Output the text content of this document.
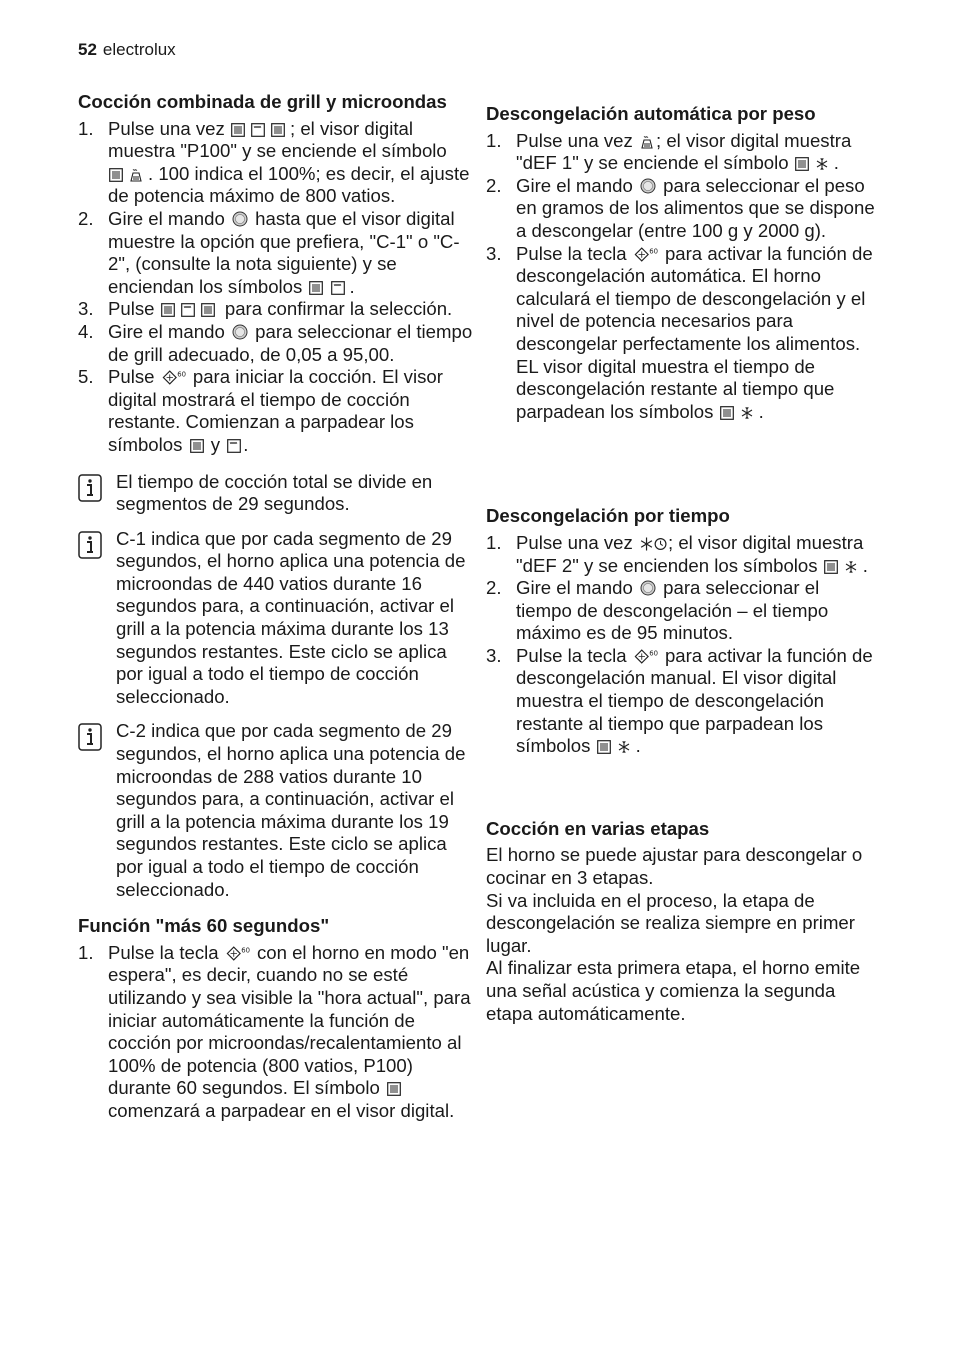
52 electrolux
Cocción combinada de grill y microondas
1. Pulse una vez	; el visor digital muestra "P100" y se enciende el símbolo
. 100 indica el 100%; es decir, el ajuste de potencia máximo de 800 vatios.
2. Gire el mando hasta que el visor digital muestre la opción que prefiera, "C-1" o "C-2", (consulte la nota siguiente) y se enciendan los símbolos	.
3. Pulse	para confirmar la selección.
4. Gire el mando para seleccionar el tiempo de grill adecuado, de 0,05 a 95,00.
5. Pulse para iniciar la cocción. El visor digital mostrará el tiempo de cocción restante. Comienzan a parpadear los símbolos y .
El tiempo de cocción total se divide en segmentos de 29 segundos.
C-1 indica que por cada segmento de 29 segundos, el horno aplica una potencia de microondas de 440 vatios durante 16 segundos para, a continuación, activar el grill a la potencia máxima durante los 13 segundos restantes. Este ciclo se aplica por igual a todo el tiempo de cocción seleccionado.
C-2 indica que por cada segmento de 29 segundos, el horno aplica una potencia de microondas de 288 vatios durante 10 segundos para, a continuación, activar el grill a la potencia máxima durante los 19 segundos restantes. Este ciclo se aplica por igual a todo el tiempo de cocción seleccionado.
Función "más 60 segundos"
1. Pulse la tecla con el horno en modo "en espera", es decir, cuando no se esté utilizando y sea visible la "hora actual", para iniciar automáticamente la función de cocción por microondas/recalentamiento al 100% de potencia (800 vatios, P100) durante 60 segundos. El símbolo
comenzará a parpadear en el visor digital.
Descongelación automática por peso
1. Pulse una vez ; el visor digital muestra "dEF 1" y se enciende el símbolo .
2. Gire el mando para seleccionar el peso en gramos de los alimentos que se dispone a descongelar (entre 100 g y 2000 g).
3. Pulse la tecla para activar la función de descongelación automática. El horno calculará el tiempo de descongelación y el nivel de potencia necesarios para descongelar perfectamente los alimentos. EL visor digital muestra el tiempo de descongelación restante al tiempo que parpadean los símbolos .
Descongelación por tiempo
1. Pulse una vez ; el visor digital muestra "dEF 2" y se encienden los símbolos .
2. Gire el mando para seleccionar el tiempo de descongelación – el tiempo máximo es de 95 minutos.
3. Pulse la tecla para activar la función de descongelación manual. El visor digital muestra el tiempo de descongelación restante al tiempo que parpadean los símbolos .
Cocción en varias etapas

El horno se puede ajustar para descongelar o cocinar en 3 etapas.

Si va incluida en el proceso, la etapa de descongelación se realiza siempre en primer lugar.

Al finalizar esta primera etapa, el horno emite una señal acústica y comienza la segunda etapa automáticamente.
